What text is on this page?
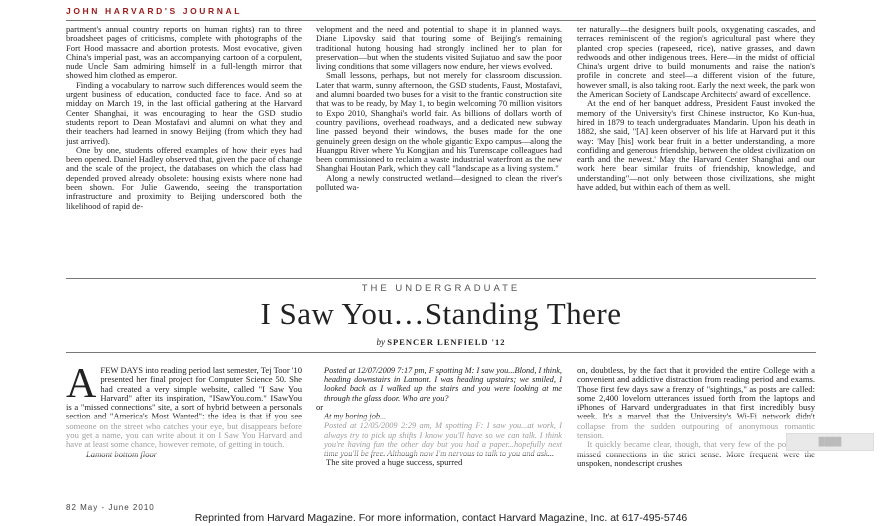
JOHN HARVARD'S JOURNAL

partment's annual country reports on human rights) ran to three broadsheet pages of criticisms, complete with photographs of the Fort Hood massacre and abortion protests. Most evocative, given China's imperial past, was an accompanying cartoon of a corpulent, nude Uncle Sam admiring himself in a full-length mirror that showed him clothed as emperor.

Finding a vocabulary to narrow such differences would seem the urgent business of education, conducted face to face. And so at midday on March 19, in the last official gathering at the Harvard Center Shanghai, it was encouraging to hear the GSD studio students report to Dean Mostafavi and alumni on what they and their teachers had learned in snowy Beijing (from which they had just arrived).

One by one, students offered examples of how their eyes had been opened. Daniel Hadley observed that, given the pace of change and the scale of the project, the databases on which the class had depended proved already obsolete: housing exists where none had been shown. For Julie Gawendo, seeing the transportation infrastructure and proximity to Beijing underscored both the likelihood of rapid de-

velopment and the need and potential to shape it in planned ways. Diane Lipovsky said that touring some of Beijing's remaining traditional hutong housing had strongly inclined her to plan for preservation—but when the students visited Sujiatuo and saw the poor living conditions that some villagers now endure, her views evolved.

Small lessons, perhaps, but not merely for classroom discussion. Later that warm, sunny afternoon, the GSD students, Faust, Mostafavi, and alumni boarded two buses for a visit to the frantic construction site that was to be ready, by May 1, to begin welcoming 70 million visitors to Expo 2010, Shanghai's world fair. As billions of dollars worth of country pavilions, overhead roadways, and a dedicated new subway line passed beyond their windows, the buses made for the one genuinely green design on the whole gigantic Expo campus—along the Huangpu River where Yu Kongjian and his Turenscape colleagues had been commissioned to reclaim a waste industrial waterfront as the new Shanghai Houtan Park, which they call "landscape as a living system."

Along a newly constructed wetland—designed to clean the river's polluted wa-

ter naturally—the designers built pools, oxygenating cascades, and terraces reminiscent of the region's agricultural past where they planted crop species (rapeseed, rice), native grasses, and dawn redwoods and other indigenous trees. Here—in the midst of official China's urgent drive to build monuments and raise the nation's profile in concrete and steel—a different vision of the future, however small, is also taking root. Early the next week, the park won the American Society of Landscape Architects' award of excellence.

At the end of her banquet address, President Faust invoked the memory of the University's first Chinese instructor, Ko Kun-hua, hired in 1879 to teach undergraduates Mandarin. Upon his death in 1882, she said, "[A] keen observer of his life at Harvard put it this way: 'May [his] work bear fruit in a better understanding, a more confiding and generous friendship, between the oldest civilization on earth and the newest.' May the Harvard Center Shanghai and our work here bear similar fruits of friendship, knowledge, and understanding"—not only between those civilizations, she might have added, but within each of them as well.

THE UNDERGRADUATE
I Saw You…Standing There
by SPENCER LENFIELD '12

AFEW DAYS into reading period last semester, Tej Toor '10 presented her final project for Computer Science 50. She had created a very simple website, called "I Saw You Harvard" after its inspiration, "ISawYou.com." ISawYou is a "missed connections" site, a sort of hybrid between a personals

Posted at 12/07/2009 7:17 pm, F spotting M: I saw you...Blond, I think, heading downstairs in Lamont. I was heading upstairs; we smiled, I looked back as I walked up the stairs and you were looking at me through the glass door. Who are you?

or

The site proved a huge success, spurred

on, doubtless, by the fact that it provided the entire College with a convenient and addictive distraction from reading period and exams. Those first few days saw a frenzy of "sightings," as posts are called: some 2,400 lovelorn utterances issued forth from the laptops and iPhones of Harvard undergraduates in that first incredibly busy

unspoken, nondescript crushes

████
82 May - June 2010
Reprinted from Harvard Magazine. For more information, contact Harvard Magazine, Inc. at 617-495-5746
